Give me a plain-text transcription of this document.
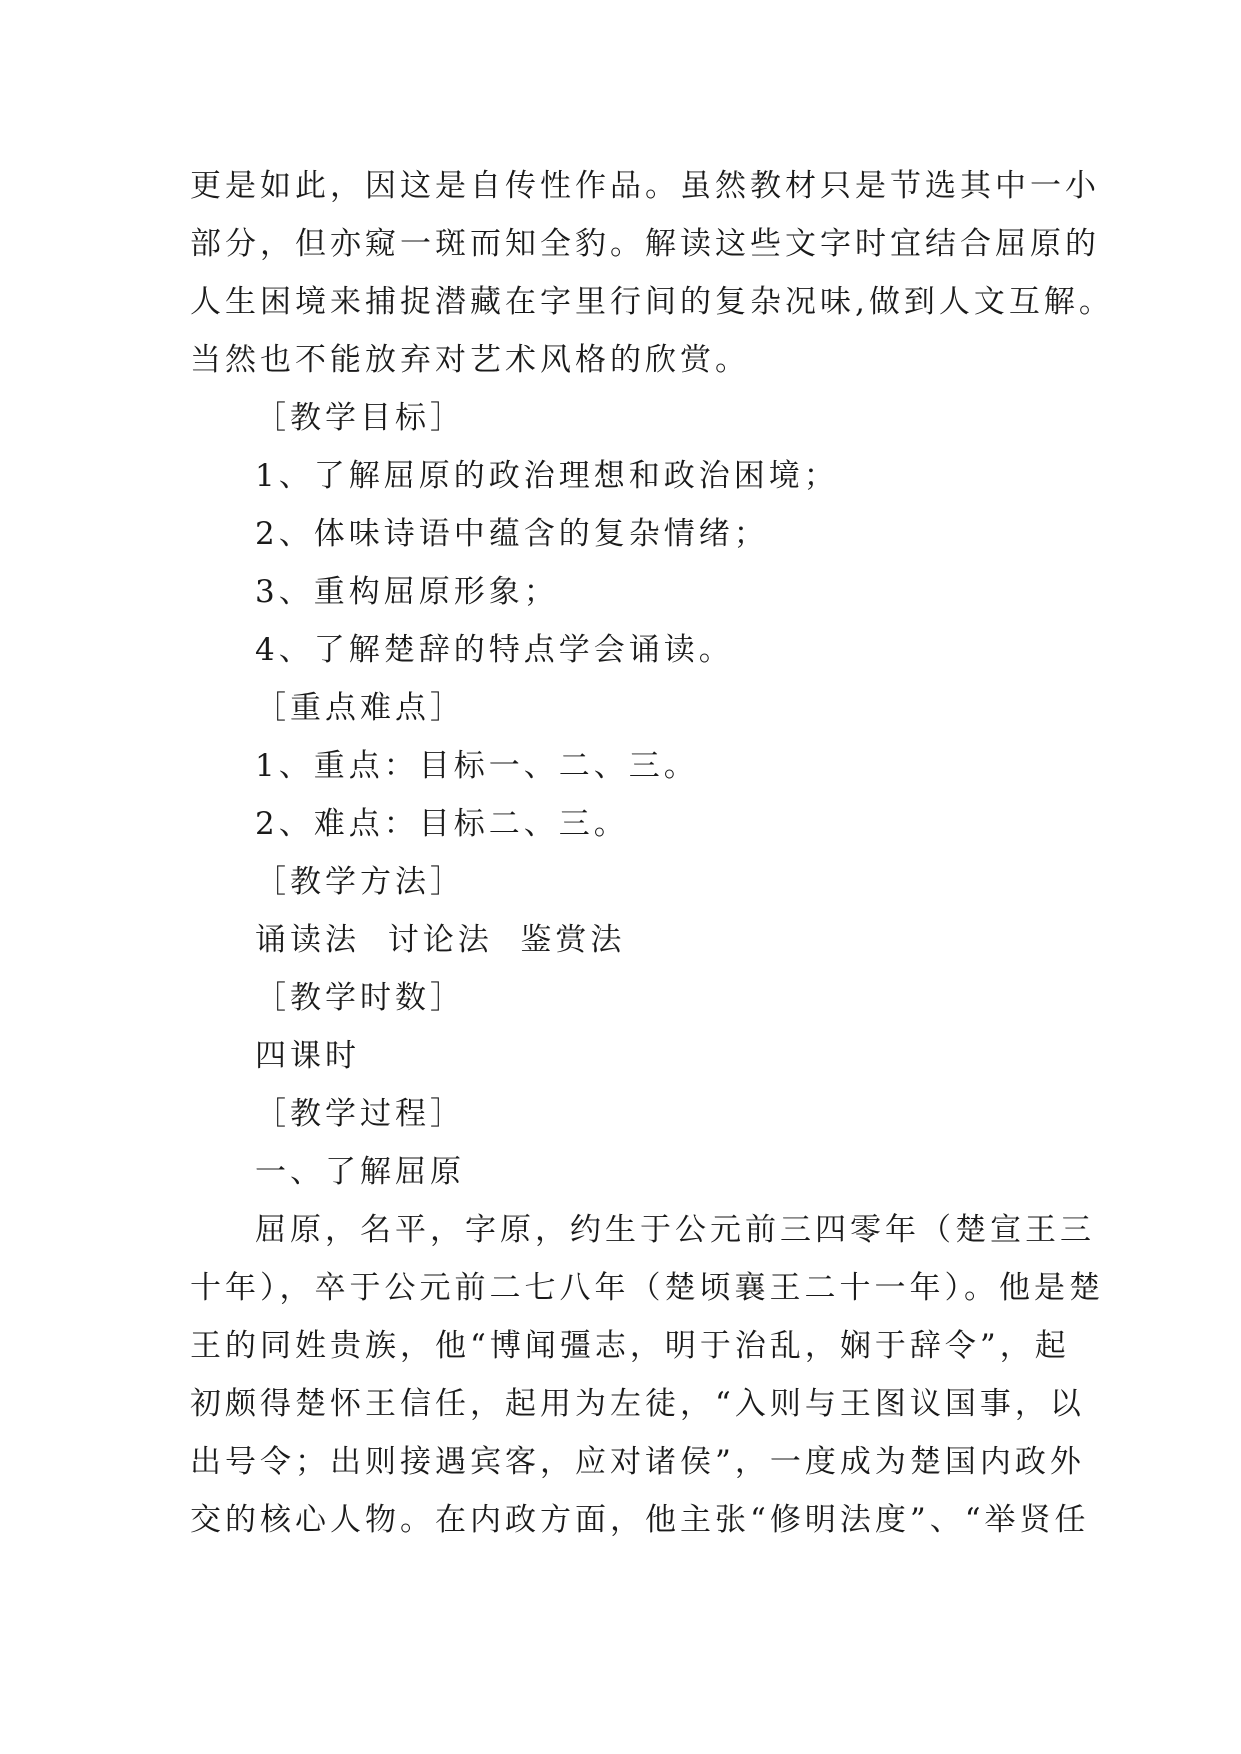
更是如此，因这是自传性作品。虽然教材只是节选其中一小
部分，但亦窥一斑而知全豹。解读这些文字时宜结合屈原的
人生困境来捕捉潜藏在字里行间的复杂况味,做到人文互解。
当然也不能放弃对艺术风格的欣赏。
［教学目标］
1、了解屈原的政治理想和政治困境；
2、体味诗语中蕴含的复杂情绪；
3、重构屈原形象；
4、了解楚辞的特点学会诵读。
［重点难点］
1、重点：目标一、二、三。
2、难点：目标二、三。
［教学方法］
诵读法  讨论法  鉴赏法
［教学时数］
四课时
［教学过程］
一、了解屈原
屈原，名平，字原，约生于公元前三四零年（楚宣王三
十年），卒于公元前二七八年（楚顷襄王二十一年）。他是楚
王的同姓贵族，他“博闻彊志，明于治乱，娴于辞令”，起
初颇得楚怀王信任，起用为左徒，“入则与王图议国事，以
出号令；出则接遇宾客，应对诸侯”，一度成为楚国内政外
交的核心人物。在内政方面，他主张“修明法度”、“举贤任
